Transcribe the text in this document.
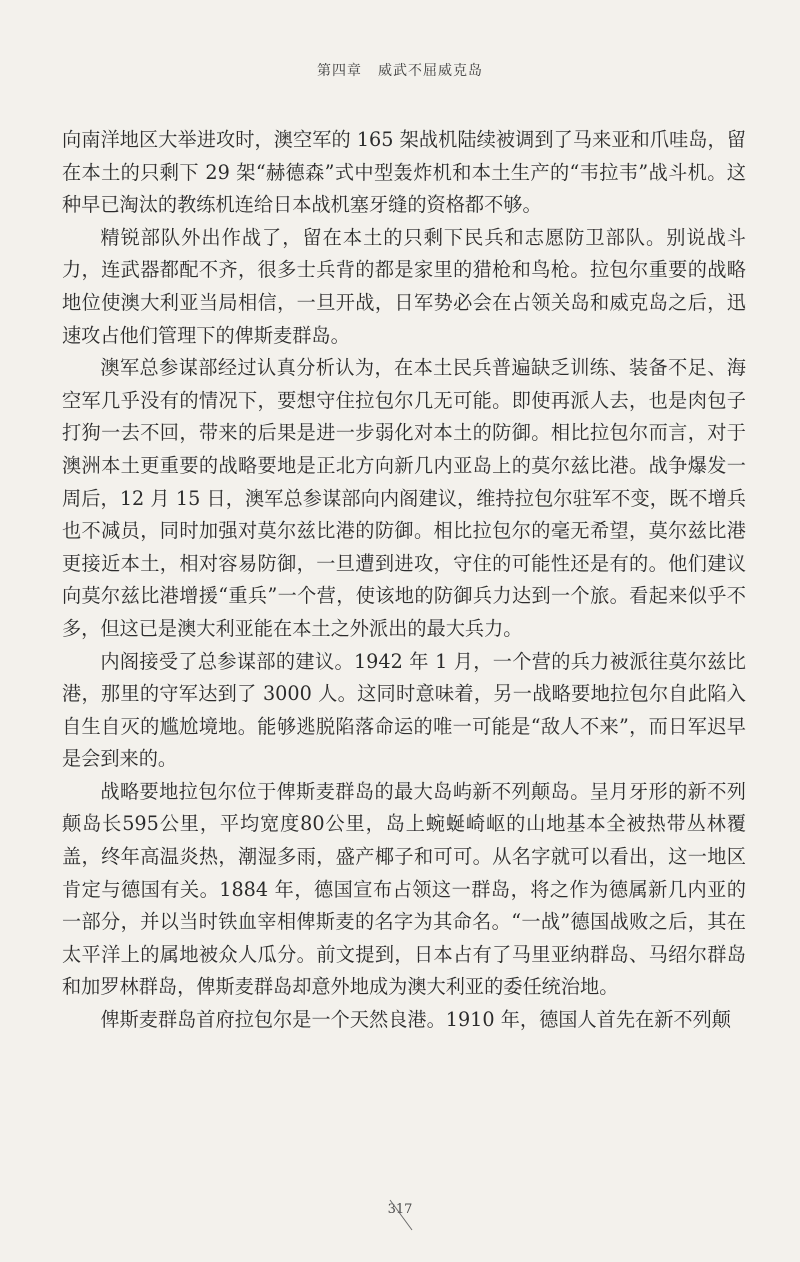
第四章 威武不屈威克岛

向南洋地区大举进攻时，澳空军的 165 架战机陆续被调到了马来亚和爪哇岛，留在本土的只剩下 29 架“赫德森”式中型轰炸机和本土生产的“韦拉韦”战斗机。这种早已淘汰的教练机连给日本战机塞牙缝的资格都不够。

精锐部队外出作战了，留在本土的只剩下民兵和志愿防卫部队。别说战斗力，连武器都配不齐，很多士兵背的都是家里的猎枪和鸟枪。拉包尔重要的战略地位使澳大利亚当局相信，一旦开战，日军势必会在占领关岛和威克岛之后，迅速攻占他们管理下的俾斯麦群岛。

澳军总参谋部经过认真分析认为，在本土民兵普遍缺乏训练、装备不足、海空军几乎没有的情况下，要想守住拉包尔几无可能。即使再派人去，也是肉包子打狗一去不回，带来的后果是进一步弱化对本土的防御。相比拉包尔而言，对于澳洲本土更重要的战略要地是正北方向新几内亚岛上的莫尔兹比港。战争爆发一周后，12 月 15 日，澳军总参谋部向内阁建议，维持拉包尔驻军不变，既不增兵也不减员，同时加强对莫尔兹比港的防御。相比拉包尔的毫无希望，莫尔兹比港更接近本土，相对容易防御，一旦遭到进攻，守住的可能性还是有的。他们建议向莫尔兹比港增援“重兵”一个营，使该地的防御兵力达到一个旅。看起来似乎不多，但这已是澳大利亚能在本土之外派出的最大兵力。

内阁接受了总参谋部的建议。1942 年 1 月，一个营的兵力被派往莫尔兹比港，那里的守军达到了 3000 人。这同时意味着，另一战略要地拉包尔自此陷入自生自灭的尴尬境地。能够逃脱陷落命运的唯一可能是“敌人不来”，而日军迟早是会到来的。

战略要地拉包尔位于俾斯麦群岛的最大岛屿新不列颠岛。呈月牙形的新不列颠岛长595公里，平均宽度80公里，岛上蜿蜒崎岖的山地基本全被热带丛林覆盖，终年高温炎热，潮湿多雨，盛产椰子和可可。从名字就可以看出，这一地区肯定与德国有关。1884 年，德国宣布占领这一群岛，将之作为德属新几内亚的一部分，并以当时铁血宰相俾斯麦的名字为其命名。“一战”德国战败之后，其在太平洋上的属地被众人瓜分。前文提到，日本占有了马里亚纳群岛、马绍尔群岛和加罗林群岛，俾斯麦群岛却意外地成为澳大利亚的委任统治地。

俾斯麦群岛首府拉包尔是一个天然良港。1910 年，德国人首先在新不列颠

317
